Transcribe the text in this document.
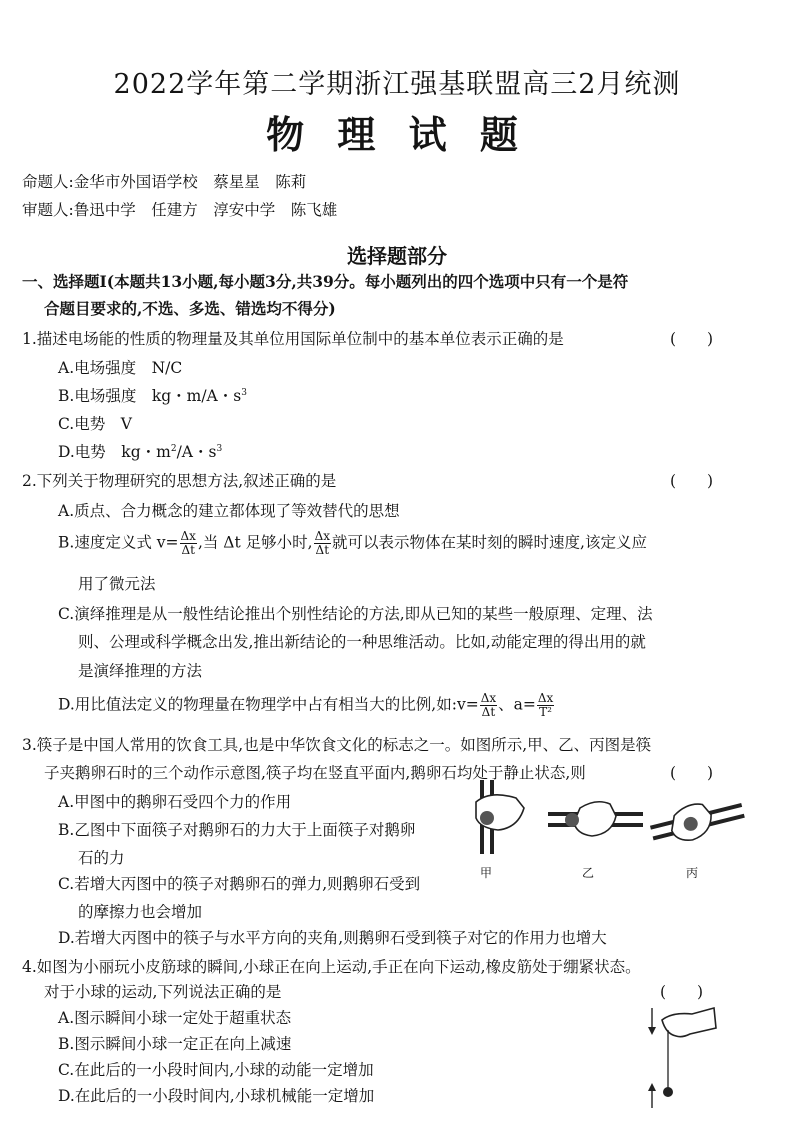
2022学年第二学期浙江强基联盟高三2月统测
物 理 试 题
命题人:金华市外国语学校　蔡星星　陈莉
审题人:鲁迅中学　任建方　淳安中学　陈飞雄
选择题部分
一、选择题Ⅰ(本题共13小题,每小题3分,共39分。每小题列出的四个选项中只有一个是符
合题目要求的,不选、多选、错选均不得分)
1.描述电场能的性质的物理量及其单位用国际单位制中的基本单位表示正确的是	(　　)
A.电场强度　N/C
B.电场强度　kg・m/A・$s^3$
C.电势　V
D.电势　kg・$m^2/A$・$s^3$
2.下列关于物理研究的思想方法,叙述正确的是	(　　)
A.质点、合力概念的建立都体现了等效替代的思想
B.速度定义式 $v= \frac{\Delta x}{\Delta t}$ ,当 Δt 足够小时, $\frac{\Delta x}{\Delta t}$ 就可以表示物体在某时刻的瞬时速度,该定义应
用了微元法
C.演绎推理是从一般性结论推出个别性结论的方法,即从已知的某些一般原理、定理、法
则、公理或科学概念出发,推出新结论的一种思维活动。比如,动能定理的得出用的就
是演绎推理的方法
D.用比值法定义的物理量在物理学中占有相当大的比例,如:v= $\frac{\Delta x}{\Delta t}$ 、$a= \frac{\Delta x}{\text{T²}}$
3.筷子是中国人常用的饮食工具,也是中华饮食文化的标志之一。如图所示,甲、乙、丙图是筷
子夹鹅卵石时的三个动作示意图,筷子均在竖直平面内,鹅卵石均处于静止状态,则	(　　)
A.甲图中的鹅卵石受四个力的作用
B.乙图中下面筷子对鹅卵石的力大于上面筷子对鹅卵
石的力
C.若增大丙图中的筷子对鹅卵石的弹力,则鹅卵石受到
的摩擦力也会增加
D.若增大丙图中的筷子与水平方向的夹角,则鹅卵石受到筷子对它的作用力也增大
甲	乙	丙
4.如图为小丽玩小皮筋球的瞬间,小球正在向上运动,手正在向下运动,橡皮筋处于绷紧状态。
对于小球的运动,下列说法正确的是	(　　)
A.图示瞬间小球一定处于超重状态
B.图示瞬间小球一定正在向上减速
C.在此后的一小段时间内,小球的动能一定增加
D.在此后的一小段时间内,小球机械能一定增加
